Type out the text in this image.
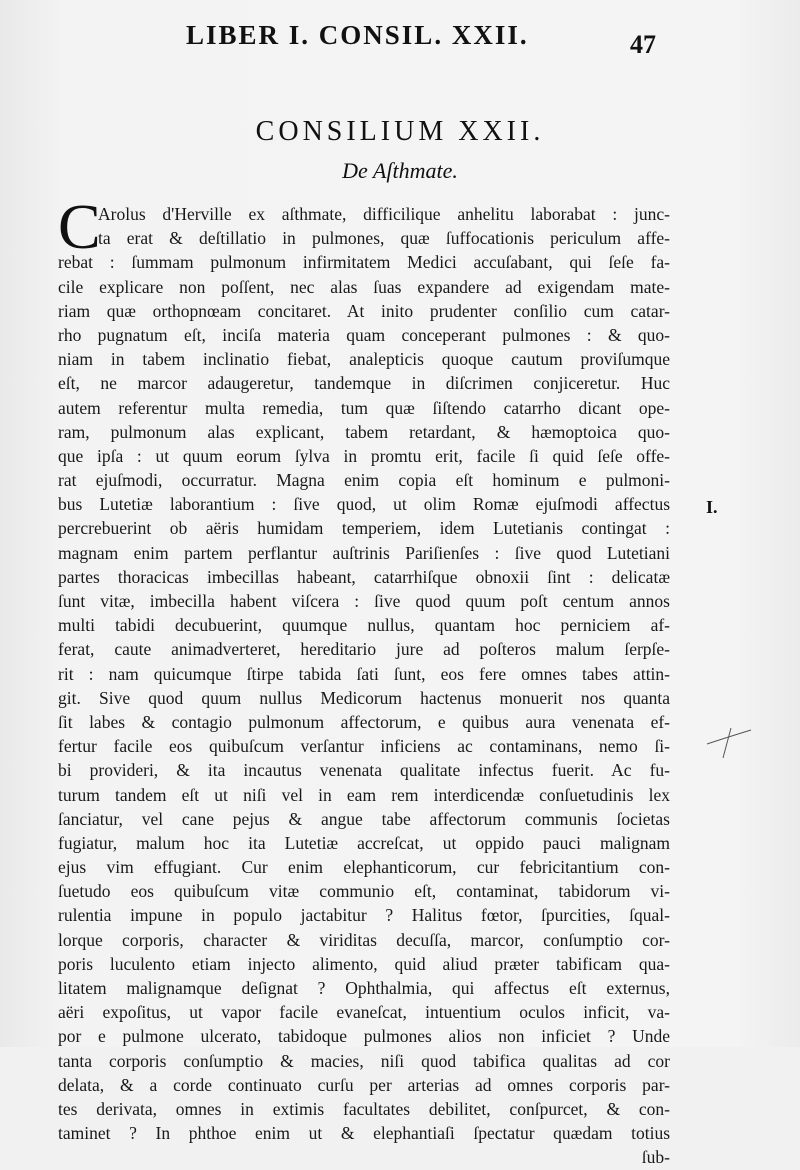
LIBER I. CONSIL. XXII.	47
CONSILIUM XXII.
De Aſthmate.
C
Arolus d'Herville ex aſthmate, difficilique anhelitu laborabat : junc-
ta erat & deſtillatio in pulmones, quæ ſuffocationis periculum affe-
rebat : ſummam pulmonum infirmitatem Medici accuſabant, qui ſeſe fa-
cile explicare non poſſent, nec alas ſuas expandere ad exigendam mate-
riam quæ orthopnœam concitaret. At inito prudenter conſilio cum catar-
rho pugnatum eſt, inciſa materia quam conceperant pulmones : & quo-
niam in tabem inclinatio fiebat, analepticis quoque cautum proviſumque
eſt, ne marcor adaugeretur, tandemque in diſcrimen conjiceretur. Huc
autem referentur multa remedia, tum quæ ſiſtendo catarrho dicant ope-
ram, pulmonum alas explicant, tabem retardant, & hæmoptoica quo-
que ipſa : ut quum eorum ſylva in promtu erit, facile ſi quid ſeſe offe-
rat ejuſmodi, occurratur. Magna enim copia eſt hominum e pulmoni-
bus Lutetiæ laborantium : ſive quod, ut olim Romæ ejuſmodi affectus
percrebuerint ob aëris humidam temperiem, idem Lutetianis contingat :
magnam enim partem perflantur auſtrinis Pariſienſes : ſive quod Lutetiani
partes thoracicas imbecillas habeant, catarrhiſque obnoxii ſint : delicatæ
ſunt vitæ, imbecilla habent viſcera : ſive quod quum poſt centum annos
multi tabidi decubuerint, quumque nullus, quantam hoc perniciem af-
ferat, caute animadverteret, hereditario jure ad poſteros malum ſerpſe-
rit : nam quicumque ſtirpe tabida ſati ſunt, eos fere omnes tabes attin-
git. Sive quod quum nullus Medicorum hactenus monuerit nos quanta
ſit labes & contagio pulmonum affectorum, e quibus aura venenata ef-
fertur facile eos quibuſcum verſantur inficiens ac contaminans, nemo ſi-
bi provideri, & ita incautus venenata qualitate infectus fuerit. Ac fu-
turum tandem eſt ut niſi vel in eam rem interdicendæ conſuetudinis lex
ſanciatur, vel cane pejus & angue tabe affectorum communis ſocietas
fugiatur, malum hoc ita Lutetiæ accreſcat, ut oppido pauci malignam
ejus vim effugiant. Cur enim elephanticorum, cur febricitantium con-
ſuetudo eos quibuſcum vitæ communio eſt, contaminat, tabidorum vi-
rulentia impune in populo jactabitur ? Halitus fœtor, ſpurcities, ſqual-
lorque corporis, character & viriditas decuſſa, marcor, conſumptio cor-
poris luculento etiam injecto alimento, quid aliud præter tabificam qua-
litatem malignamque deſignat ? Ophthalmia, qui affectus eſt externus,
aëri expoſitus, ut vapor facile evaneſcat, intuentium oculos inficit, va-
por e pulmone ulcerato, tabidoque pulmones alios non inficiet ? Unde
tanta corporis conſumptio & macies, niſi quod tabifica qualitas ad cor
delata, & a corde continuato curſu per arterias ad omnes corporis par-
tes derivata, omnes in extimis facultates debilitet, conſpurcet, & con-
taminet ? In phthoe enim ut & elephantiaſi ſpectatur quædam totius
ſub-
I.
